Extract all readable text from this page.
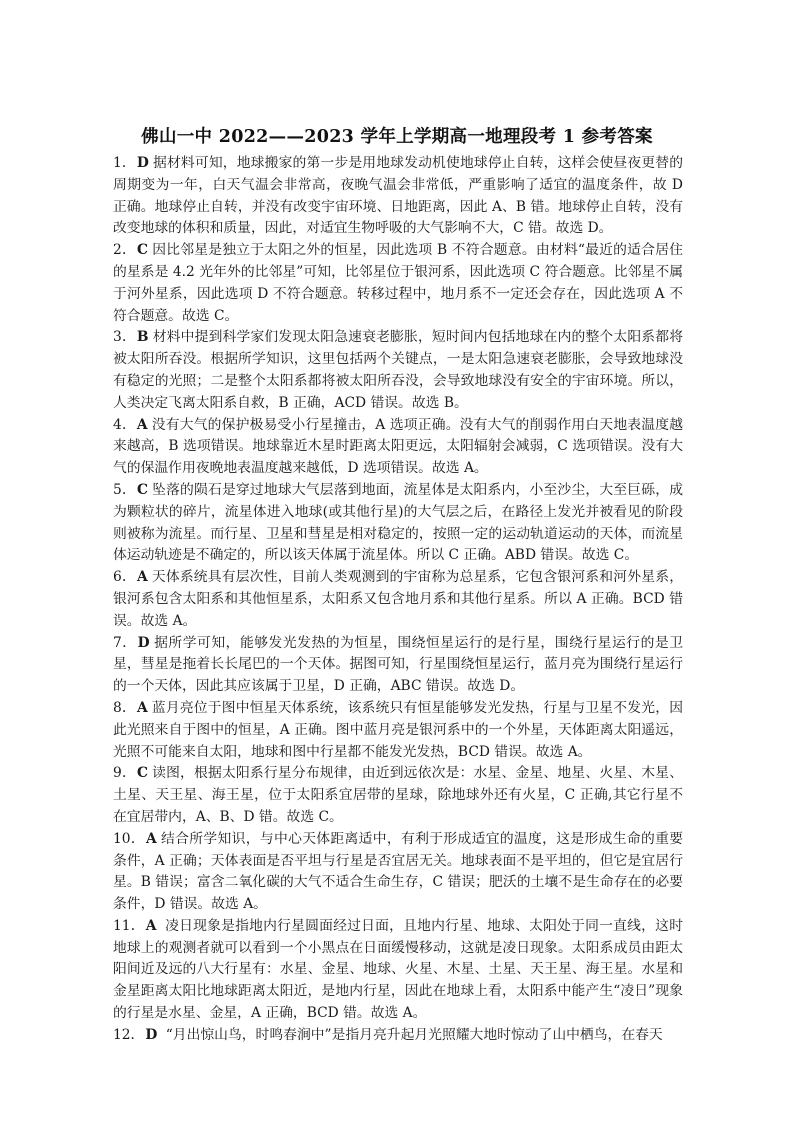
佛山一中 2022——2023 学年上学期高一地理段考 1 参考答案

1．D 据材料可知，地球搬家的第一步是用地球发动机使地球停止自转，这样会使昼夜更替的周期变为一年，白天气温会非常高，夜晚气温会非常低，严重影响了适宜的温度条件，故 D 正确。地球停止自转，并没有改变宇宙环境、日地距离，因此 A、B 错。地球停止自转，没有改变地球的体积和质量，因此，对适宜生物呼吸的大气影响不大，C 错。故选 D。

2．C 因比邻星是独立于太阳之外的恒星，因此选项 B 不符合题意。由材料“最近的适合居住的星系是 4.2 光年外的比邻星”可知，比邻星位于银河系，因此选项 C 符合题意。比邻星不属于河外星系，因此选项 D 不符合题意。转移过程中，地月系不一定还会存在，因此选项 A 不符合题意。故选 C。

3．B 材料中提到科学家们发现太阳急速衰老膨胀，短时间内包括地球在内的整个太阳系都将被太阳所吞没。根据所学知识，这里包括两个关键点，一是太阳急速衰老膨胀，会导致地球没有稳定的光照；二是整个太阳系都将被太阳所吞没，会导致地球没有安全的宇宙环境。所以，人类决定飞离太阳系自救，B 正确，ACD 错误。故选 B。

4．A 没有大气的保护极易受小行星撞击，A 选项正确。没有大气的削弱作用白天地表温度越来越高，B 选项错误。地球靠近木星时距离太阳更远，太阳辐射会减弱，C 选项错误。没有大气的保温作用夜晚地表温度越来越低，D 选项错误。故选 A。

5．C 坠落的陨石是穿过地球大气层落到地面，流星体是太阳系内，小至沙尘，大至巨砾，成为颗粒状的碎片，流星体进入地球(或其他行星)的大气层之后，在路径上发光并被看见的阶段则被称为流星。而行星、卫星和彗星是相对稳定的，按照一定的运动轨道运动的天体，而流星体运动轨迹是不确定的，所以该天体属于流星体。所以 C 正确。ABD 错误。故选 C。

6．A 天体系统具有层次性，目前人类观测到的宇宙称为总星系，它包含银河系和河外星系，银河系包含太阳系和其他恒星系，太阳系又包含地月系和其他行星系。所以 A 正确。BCD 错误。故选 A。

7．D 据所学可知，能够发光发热的为恒星，围绕恒星运行的是行星，围绕行星运行的是卫星，彗星是拖着长长尾巴的一个天体。据图可知，行星围绕恒星运行，蓝月亮为围绕行星运行的一个天体，因此其应该属于卫星，D 正确，ABC 错误。故选 D。

8．A 蓝月亮位于图中恒星天体系统，该系统只有恒星能够发光发热，行星与卫星不发光，因此光照来自于图中的恒星，A 正确。图中蓝月亮是银河系中的一个外星，天体距离太阳遥远，光照不可能来自太阳，地球和图中行星都不能发光发热，BCD 错误。故选 A。

9．C 读图，根据太阳系行星分布规律，由近到远依次是：水星、金星、地星、火星、木星、土星、天王星、海王星，位于太阳系宜居带的星球，除地球外还有火星，C 正确,其它行星不在宜居带内，A、B、D 错。故选 C。

10．A 结合所学知识，与中心天体距离适中，有利于形成适宜的温度，这是形成生命的重要条件，A 正确；天体表面是否平坦与行星是否宜居无关。地球表面不是平坦的，但它是宜居行星。B 错误；富含二氧化碳的大气不适合生命生存，C 错误；肥沃的土壤不是生命存在的必要条件，D 错误。故选 A。

11．A 凌日现象是指地内行星圆面经过日面，且地内行星、地球、太阳处于同一直线，这时地球上的观测者就可以看到一个小黑点在日面缓慢移动，这就是凌日现象。太阳系成员由距太阳间近及远的八大行星有：水星、金星、地球、火星、木星、土星、天王星、海王星。水星和金星距离太阳比地球距离太阳近，是地内行星，因此在地球上看，太阳系中能产生“凌日”现象的行星是水星、金星，A 正确，BCD 错。故选 A。

12．D “月出惊山鸟，时鸣春涧中”是指月亮升起月光照耀大地时惊动了山中栖鸟，在春天
